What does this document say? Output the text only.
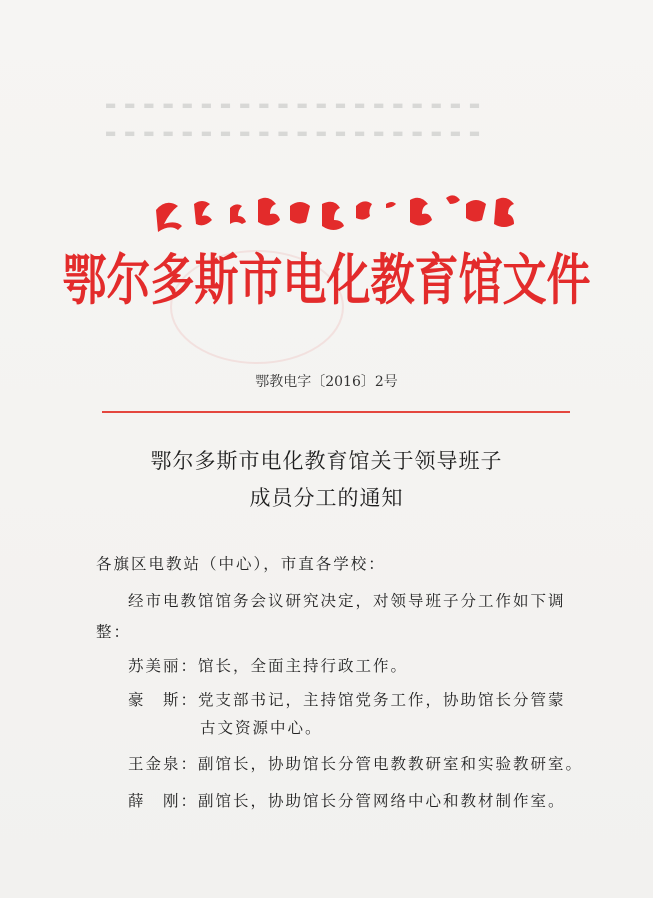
▬ ▬ ▬ ▬ ▬ ▬ ▬ ▬ ▬ ▬ ▬ ▬ ▬ ▬ ▬ ▬ ▬ ▬ ▬ ▬
▬ ▬ ▬ ▬ ▬ ▬ ▬ ▬ ▬ ▬ ▬ ▬ ▬ ▬ ▬ ▬ ▬ ▬ ▬ ▬
鄂尔多斯市电化教育馆文件
鄂教电字〔2016〕2号
鄂尔多斯市电化教育馆关于领导班子
成员分工的通知
各旗区电教站（中心），市直各学校：
经市电教馆馆务会议研究决定，对领导班子分工作如下调
整：
苏美丽：馆长，全面主持行政工作。
豪　斯：党支部书记，主持馆党务工作，协助馆长分管蒙
古文资源中心。
王金泉：副馆长，协助馆长分管电教教研室和实验教研室。
薛　刚：副馆长，协助馆长分管网络中心和教材制作室。
